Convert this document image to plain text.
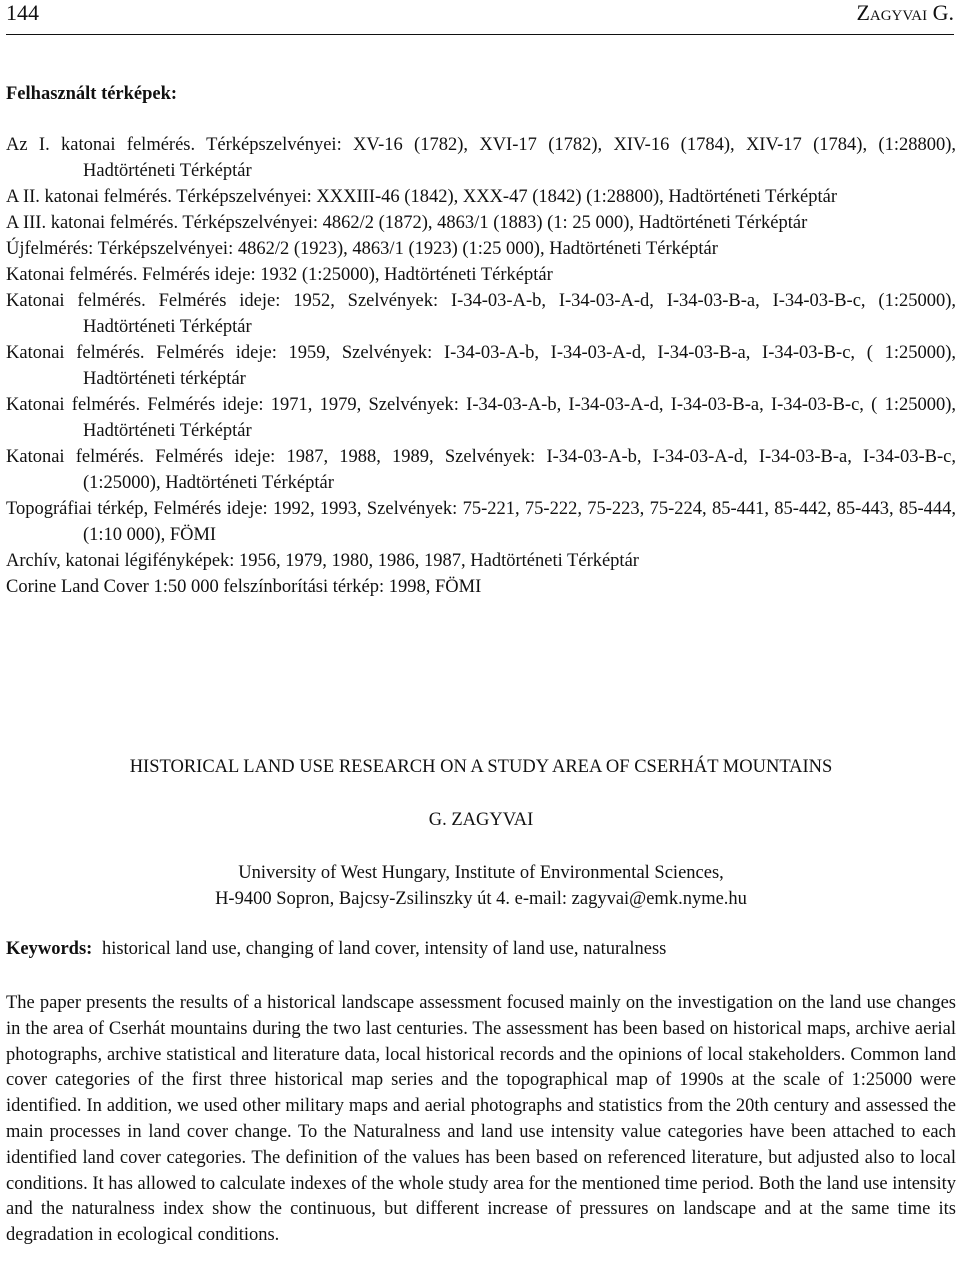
144	Zagyvai G.
Felhasznált térképek:
Az I. katonai felmérés. Térképszelvényei: XV-16 (1782), XVI-17 (1782), XIV-16 (1784), XIV-17 (1784), (1:28800), Hadtörténeti Térképtár
A II. katonai felmérés. Térképszelvényei: XXXIII-46 (1842), XXX-47 (1842) (1:28800), Hadtörténeti Térképtár
A III. katonai felmérés. Térképszelvényei: 4862/2 (1872), 4863/1 (1883) (1: 25 000), Hadtörténeti Térképtár
Újfelmérés: Térképszelvényei: 4862/2 (1923), 4863/1 (1923) (1:25 000), Hadtörténeti Térképtár
Katonai felmérés. Felmérés ideje: 1932 (1:25000), Hadtörténeti Térképtár
Katonai felmérés. Felmérés ideje: 1952, Szelvények: I-34-03-A-b, I-34-03-A-d, I-34-03-B-a, I-34-03-B-c, (1:25000), Hadtörténeti Térképtár
Katonai felmérés. Felmérés ideje: 1959, Szelvények: I-34-03-A-b, I-34-03-A-d, I-34-03-B-a, I-34-03-B-c, ( 1:25000), Hadtörténeti térképtár
Katonai felmérés. Felmérés ideje: 1971, 1979, Szelvények: I-34-03-A-b, I-34-03-A-d, I-34-03-B-a, I-34-03-B-c, ( 1:25000), Hadtörténeti Térképtár
Katonai felmérés. Felmérés ideje: 1987, 1988, 1989, Szelvények: I-34-03-A-b, I-34-03-A-d, I-34-03-B-a, I-34-03-B-c, (1:25000), Hadtörténeti Térképtár
Topográfiai térkép, Felmérés ideje: 1992, 1993, Szelvények: 75-221, 75-222, 75-223, 75-224, 85-441, 85-442, 85-443, 85-444, (1:10 000), FÖMI
Archív, katonai légifényképek: 1956, 1979, 1980, 1986, 1987, Hadtörténeti Térképtár
Corine Land Cover 1:50 000 felszínborítási térkép: 1998, FÖMI
HISTORICAL LAND USE RESEARCH ON A STUDY AREA OF CSERHÁT MOUNTAINS
G. ZAGYVAI
University of West Hungary, Institute of Environmental Sciences,
H-9400 Sopron, Bajcsy-Zsilinszky út 4. e-mail: zagyvai@emk.nyme.hu
Keywords: historical land use, changing of land cover, intensity of land use, naturalness
The paper presents the results of a historical landscape assessment focused mainly on the investigation on the land use changes in the area of Cserhát mountains during the two last centuries. The assessment has been based on historical maps, archive aerial photographs, archive statistical and literature data, local historical records and the opinions of local stakeholders. Common land cover categories of the first three historical map series and the topographical map of 1990s at the scale of 1:25000 were identified. In addition, we used other military maps and aerial photographs and statistics from the 20th century and assessed the main processes in land cover change. To the Naturalness and land use intensity value categories have been attached to each identified land cover categories. The definition of the values has been based on referenced literature, but adjusted also to local conditions. It has allowed to calculate indexes of the whole study area for the mentioned time period. Both the land use intensity and the naturalness index show the continuous, but different increase of pressures on landscape and at the same time its degradation in ecological conditions.
